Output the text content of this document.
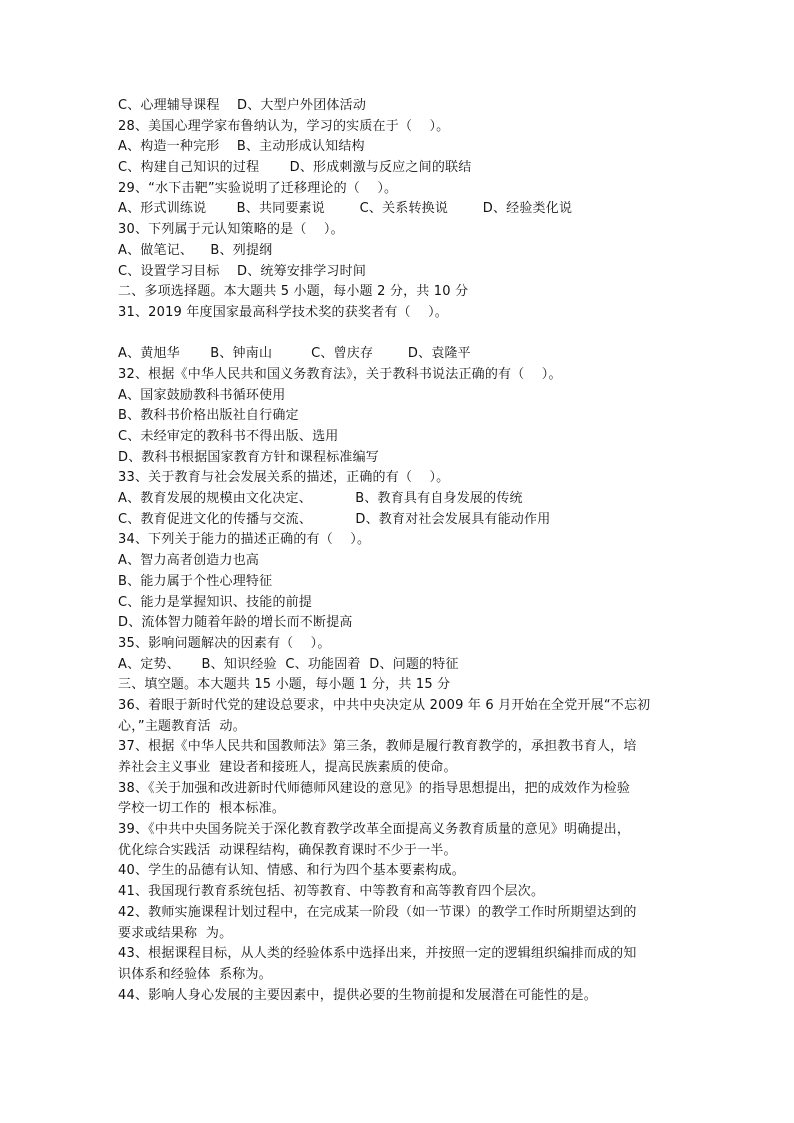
C、心理辅导课程    D、大型户外团体活动
28、美国心理学家布鲁纳认为，学习的实质在于（    ）。
A、构造一种完形    B、主动形成认知结构
C、构建自己知识的过程       D、形成刺激与反应之间的联结
29、“水下击靶”实验说明了迁移理论的（    ）。
A、形式训练说       B、共同要素说        C、关系转换说        D、经验类化说
30、下列属于元认知策略的是（    ）。
A、做笔记、    B、列提纲
C、设置学习目标    D、统筹安排学习时间
二、多项选择题。本大题共 5 小题，每小题 2 分，共 10 分
31、2019 年度国家最高科学技术奖的获奖者有（    ）。
A、黄旭华       B、钟南山         C、曾庆存        D、袁隆平
32、根据《中华人民共和国义务教育法》，关于教科书说法正确的有（    ）。
A、国家鼓励教科书循环使用
B、教科书价格出版社自行确定
C、未经审定的教科书不得出版、选用
D、教科书根据国家教育方针和课程标准编写
33、关于教育与社会发展关系的描述，正确的有（    ）。
A、教育发展的规模由文化决定、          B、教育具有自身发展的传统
C、教育促进文化的传播与交流、          D、教育对社会发展具有能动作用
34、下列关于能力的描述正确的有（    ）。
A、智力高者创造力也高
B、能力属于个性心理特征
C、能力是掌握知识、技能的前提
D、流体智力随着年龄的增长而不断提高
35、影响问题解决的因素有（    ）。
A、定势、     B、知识经验  C、功能固着  D、问题的特征
三、填空题。本大题共 15 小题，每小题 1 分，共 15 分
36、着眼于新时代党的建设总要求，中共中央决定从 2009 年 6 月开始在全党开展“不忘初
心，”主题教育活  动。
37、根据《中华人民共和国教师法》第三条，教师是履行教育教学的，承担教书育人，培
养社会主义事业  建设者和接班人，提高民族素质的使命。
38、《关于加强和改进新时代师德师风建设的意见》的指导思想提出，把的成效作为检验
学校一切工作的  根本标准。
39、《中共中央国务院关于深化教育教学改革全面提高义务教育质量的意见》明确提出，
优化综合实践活  动课程结构，确保教育课时不少于一半。
40、学生的品德有认知、情感、和行为四个基本要素构成。
41、我国现行教育系统包括、初等教育、中等教育和高等教育四个层次。
42、教师实施课程计划过程中，在完成某一阶段（如一节课）的教学工作时所期望达到的
要求或结果称  为。
43、根据课程目标，从人类的经验体系中选择出来，并按照一定的逻辑组织编排而成的知
识体系和经验体  系称为。
44、影响人身心发展的主要因素中，提供必要的生物前提和发展潜在可能性的是。
